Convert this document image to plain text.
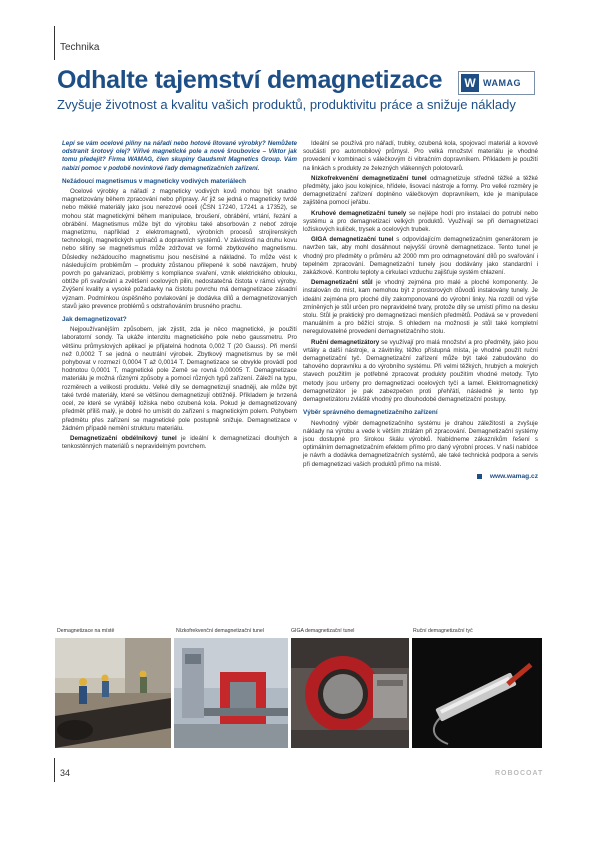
Technika
Odhalte tajemství demagnetizace W WAMAG
Zvyšuje životnost a kvalitu vašich produktů, produktivitu práce a snižuje náklady

Lepí se vám ocelové piliny na nářadí nebo hotové litované výrobky? Nemůžete odstranit šrotový olej? Vířivé magnetické pole a nové šroubovice – Viktor jak tomu předejít? Firma WAMAG, člen skupiny Gaudsmit Magnetics Group. Vám nabízí pomoc v podobě novinkové řady demagnetizačních zařízení.

Nežádoucí magnetismus v magneticky vodivých materiálech

Ocelové výrobky a nářadí z magneticky vodivých kovů mohou být snadno magnetizovány během zpracování nebo přípravy. Ať již se jedná o magneticky tvrdé nebo měkké materiály jako jsou nerezové oceli (ČSN 17240, 17241 a 17352), se mohou stát magnetickými během manipulace, broušení, obrábění, vrtání, řezání a obrábění. Magnetismus může být do výrobku také absorbován z neboť zdroje magnetizmu, například z elektromagnetů, výrobních procesů strojírenských technologií, magnetických upínačů a dopravních systémů. V závislosti na druhu kovu nebo slitiny se magnetismus může zdržovat ve formě zbytkového magnetismu. Důsledky nežádoucího magnetismu jsou nesčíslné a nákladné. To může vést k následujícím problémům – produkty zůstanou přilepené k sobě navzájem, hrubý povrch po galvanizaci, problémy s kompliance svaření, vznik elektrického oblouku, obtíže při svařování a zvětšení ocelových pilin, nedostatečná čistota v rámci výroby. Zvýšení kvality a vysoké požadavky na čistotu povrchu má demagnetizace zásadní význam. Podmínkou úspěšného povlakování je dodávka dílů a demagnetizovaných stavů jako prevence problémů s odstraňováním brusného prachu.

Jak demagnetizovat?

Nejpoužívanějším způsobem, jak zjistit, zda je něco magnetické, je použití laboratorní sondy. Ta ukáže intenzitu magnetického pole nebo gaussmetru. Pro většinu průmyslových aplikací je přijatelná hodnota 0,002 T (20 Gauss). Při menší než 0,0002 T se jedná o neutrální výrobek. Zbytkový magnetismus by se měl pohybovat v rozmezí 0,0004 T až 0,0014 T. Demagnetizace se obvykle provádí pod hodnotou 0,0001 T, magnetické pole Země se rovná 0,00005 T. Demagnetizace materiálu je možná různými způsoby a pomocí různých typů zařízení. Záleží na typu, rozměrech a velikosti produktu. Velké díly se demagnetizují snadněji, ale může být také tvrdé materiály, které se většinou demagnetizují obtížněji. Příkladem je tvrzená ocel, ze které se vyrábějí ložiska nebo ozubená kola. Pokud je demagnetizovaný předmět příliš malý, je dobré ho umístit do zařízení s magnetickým polem. Pohybem předmětu přes zařízení se magnetické pole postupně snižuje. Demagnetizace v žádném případě nemění strukturu materiálu.

Demagnetizační obdélníkový tunel je ideální k demagnetizaci dlouhých a tenkostěnných materiálů s nepravidelným povrchem.

Ideální se používá pro nářadí, trubky, ozubená kola, spojovací materiál a kovové součásti pro automobilový průmysl. Pro velká množství materiálu je vhodné provedení v kombinaci s válečkovým či vibračním dopravníkem. Příkladem je použití na linkách s produkty ze železných vlákenných polotovarů.

Nízkofrekvenční demagnetizační tunel odmagnetizuje středně těžké a těžké předměty, jako jsou kolejnice, hřídele, lisovací nástroje a formy. Pro velké rozměry je demagnetizační zařízení doplněno válečkovým dopravníkem, kde je manipulace zajištěna pomocí jeřábu.

Kruhové demagnetizační tunely se nejlépe hodí pro instalaci do potrubí nebo systému a pro demagnetizaci velkých produktů. Využívají se při demagnetizaci ložiskových kuliček, trysek a ocelových trubek.

GIGA demagnetizační tunel s odpovídajícím demagnetizačním generátorem je navržen tak, aby mohl dosáhnout nejvyšší úrovně demagnetizace. Tento tunel je vhodný pro předměty o průměru až 2000 mm pro odmagnetování dílů po svařování i tepelném zpracování. Demagnetizační tunely jsou dodávány jako standardní i zakázkové. Kontrolu teploty a cirkulaci vzduchu zajišťuje systém chlazení.

Demagnetizační stůl je vhodný zejména pro malé a ploché komponenty. Je instalován do míst, kam nemohou být z prostorových důvodů instalovány tunely. Je ideální zejména pro ploché díly zakomponované do výrobní linky. Na rozdíl od výše zmíněných je stůl určen pro nepravidelné tvary, protože díly se umístí přímo na desku stolu. Stůl je praktický pro demagnetizaci menších předmětů. Podává se v provedení manuálním a pro běžící stroje. S ohledem na možnosti je stůl také kompletní neregulovatelné provedení demagnetizačního stolu.

Ruční demagnetizátory se využívají pro malá množství a pro předměty, jako jsou vrtáky a další nástroje, a závitníky, těžko přístupná místa, je vhodné použít ruční demagnetizační tyč. Demagnetizační zařízení může být také zabudováno do tahového dopravníku a do výrobního systému. Při velmi těžkých, hrubých a mokrých stavech použitím je potřebné zpracovat produkty použitím vhodné metody. Tyto metody jsou určeny pro demagnetizaci ocelových tyčí a lamel. Elektromagnetický demagnetizátor je pak zabezpečen proti přehřátí, následně je tento typ demagnetizátoru zvláště vhodný pro dlouhodobé demagnetizační postupy.

Výběr správného demagnetizačního zařízení

Nevhodný výběr demagnetizačního systému je drahou záležitostí a zvyšuje náklady na výrobu a vede k větším ztrátám při zpracování. Demagnetizační systémy jsou dostupné pro širokou škálu výrobků. Nabídneme zákazníkům řešení s optimálním demagnetizačním efektem přímo pro daný výrobní proces. V naší nabídce je návrh a dodávka demagnetizačních systémů, ale také technická podpora a servis při demagnetizaci vašich produktů přímo na místě.

www.wamag.cz
Demagnetizace na místě	Nízkofrekvenční demagnetizační tunel	GIGA demagnetizační tunel	Ruční demagnetizační tyč
34	ROBOCOAT
